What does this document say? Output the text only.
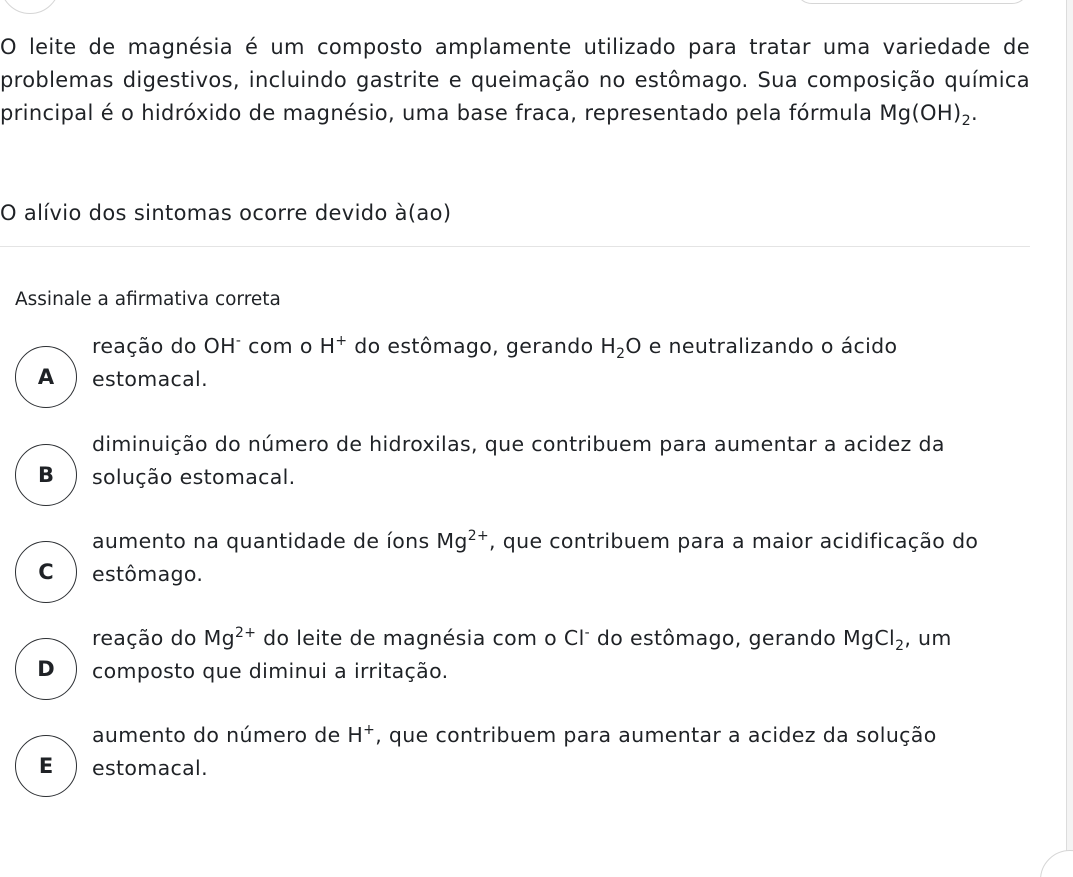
O leite de magnésia é um composto amplamente utilizado para tratar uma variedade de problemas digestivos, incluindo gastrite e queimação no estômago. Sua composição química principal é o hidróxido de magnésio, uma base fraca, representado pela fórmula $Mg(OH)_2$.

O alívio dos sintomas ocorre devido à(ao)

Assinale a afirmativa correta
A
reação do OH- com o H+ do estômago, gerando $H_2O$ e neutralizando o ácido estomacal.
B
diminuição do número de hidroxilas, que contribuem para aumentar a acidez da solução estomacal.
C
aumento na quantidade de íons $Mg^{2+}$, que contribuem para a maior acidificação do estômago.
D
reação do $Mg^{2+}$ do leite de magnésia com o Cl- do estômago, gerando MgCl$_2$, um composto que diminui a irritação.
E
aumento do número de H+, que contribuem para aumentar a acidez da solução estomacal.
